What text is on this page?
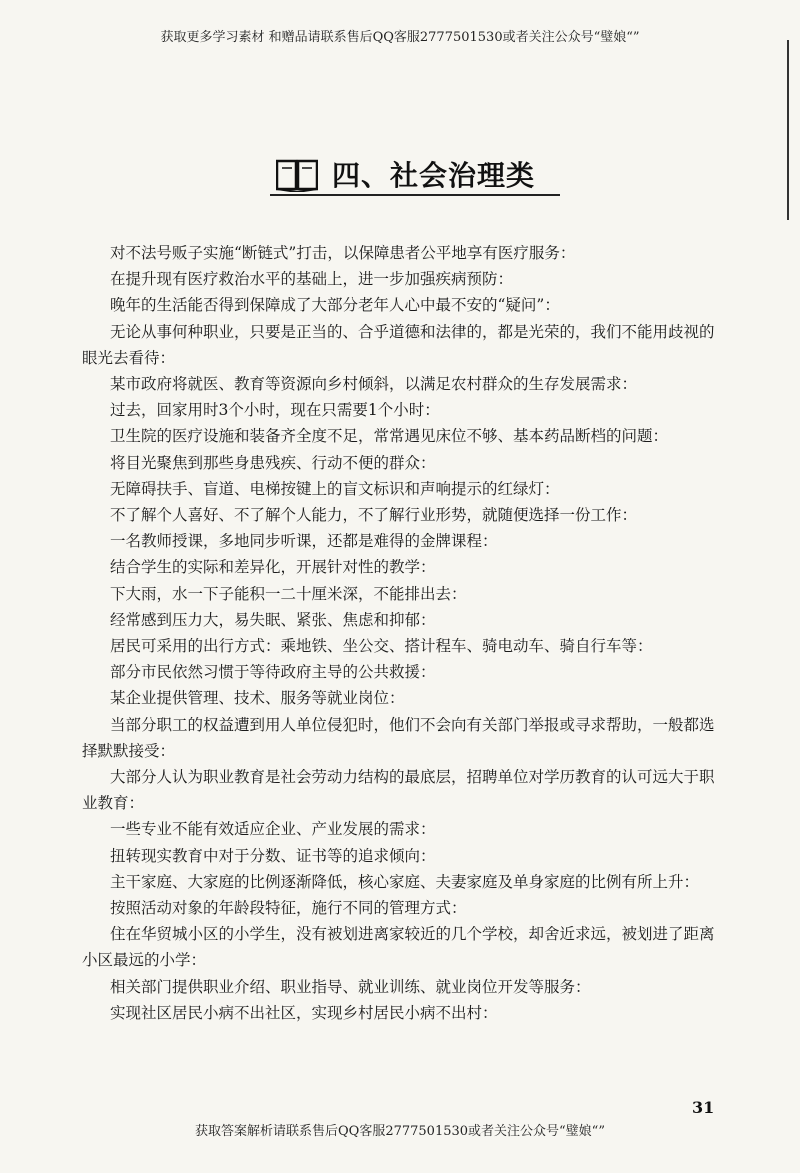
获取更多学习素材 和赠品请联系售后QQ客服2777501530或者关注公众号“璧娘“”
四、社会治理类

对不法号贩子实施“断链式”打击，以保障患者公平地享有医疗服务：

在提升现有医疗救治水平的基础上，进一步加强疾病预防：

晚年的生活能否得到保障成了大部分老年人心中最不安的“疑问”：

无论从事何种职业，只要是正当的、合乎道德和法律的，都是光荣的，我们不能用歧视的眼光去看待：

某市政府将就医、教育等资源向乡村倾斜，以满足农村群众的生存发展需求：

过去，回家用时3个小时，现在只需要1个小时：

卫生院的医疗设施和装备齐全度不足，常常遇见床位不够、基本药品断档的问题：

将目光聚焦到那些身患残疾、行动不便的群众：

无障碍扶手、盲道、电梯按键上的盲文标识和声响提示的红绿灯：

不了解个人喜好、不了解个人能力，不了解行业形势，就随便选择一份工作：

一名教师授课，多地同步听课，还都是难得的金牌课程：

结合学生的实际和差异化，开展针对性的教学：

下大雨，水一下子能积一二十厘米深，不能排出去：

经常感到压力大，易失眠、紧张、焦虑和抑郁：

居民可采用的出行方式：乘地铁、坐公交、搭计程车、骑电动车、骑自行车等：

部分市民依然习惯于等待政府主导的公共救援：

某企业提供管理、技术、服务等就业岗位：

当部分职工的权益遭到用人单位侵犯时，他们不会向有关部门举报或寻求帮助，一般都选择默默接受：

大部分人认为职业教育是社会劳动力结构的最底层，招聘单位对学历教育的认可远大于职业教育：

一些专业不能有效适应企业、产业发展的需求：

扭转现实教育中对于分数、证书等的追求倾向：

主干家庭、大家庭的比例逐渐降低，核心家庭、夫妻家庭及单身家庭的比例有所上升：

按照活动对象的年龄段特征，施行不同的管理方式：

住在华贸城小区的小学生，没有被划进离家较近的几个学校，却舍近求远，被划进了距离小区最远的小学：

相关部门提供职业介绍、职业指导、就业训练、就业岗位开发等服务：

实现社区居民小病不出社区，实现乡村居民小病不出村：

31
获取答案解析请联系售后QQ客服2777501530或者关注公众号“璧娘“”
